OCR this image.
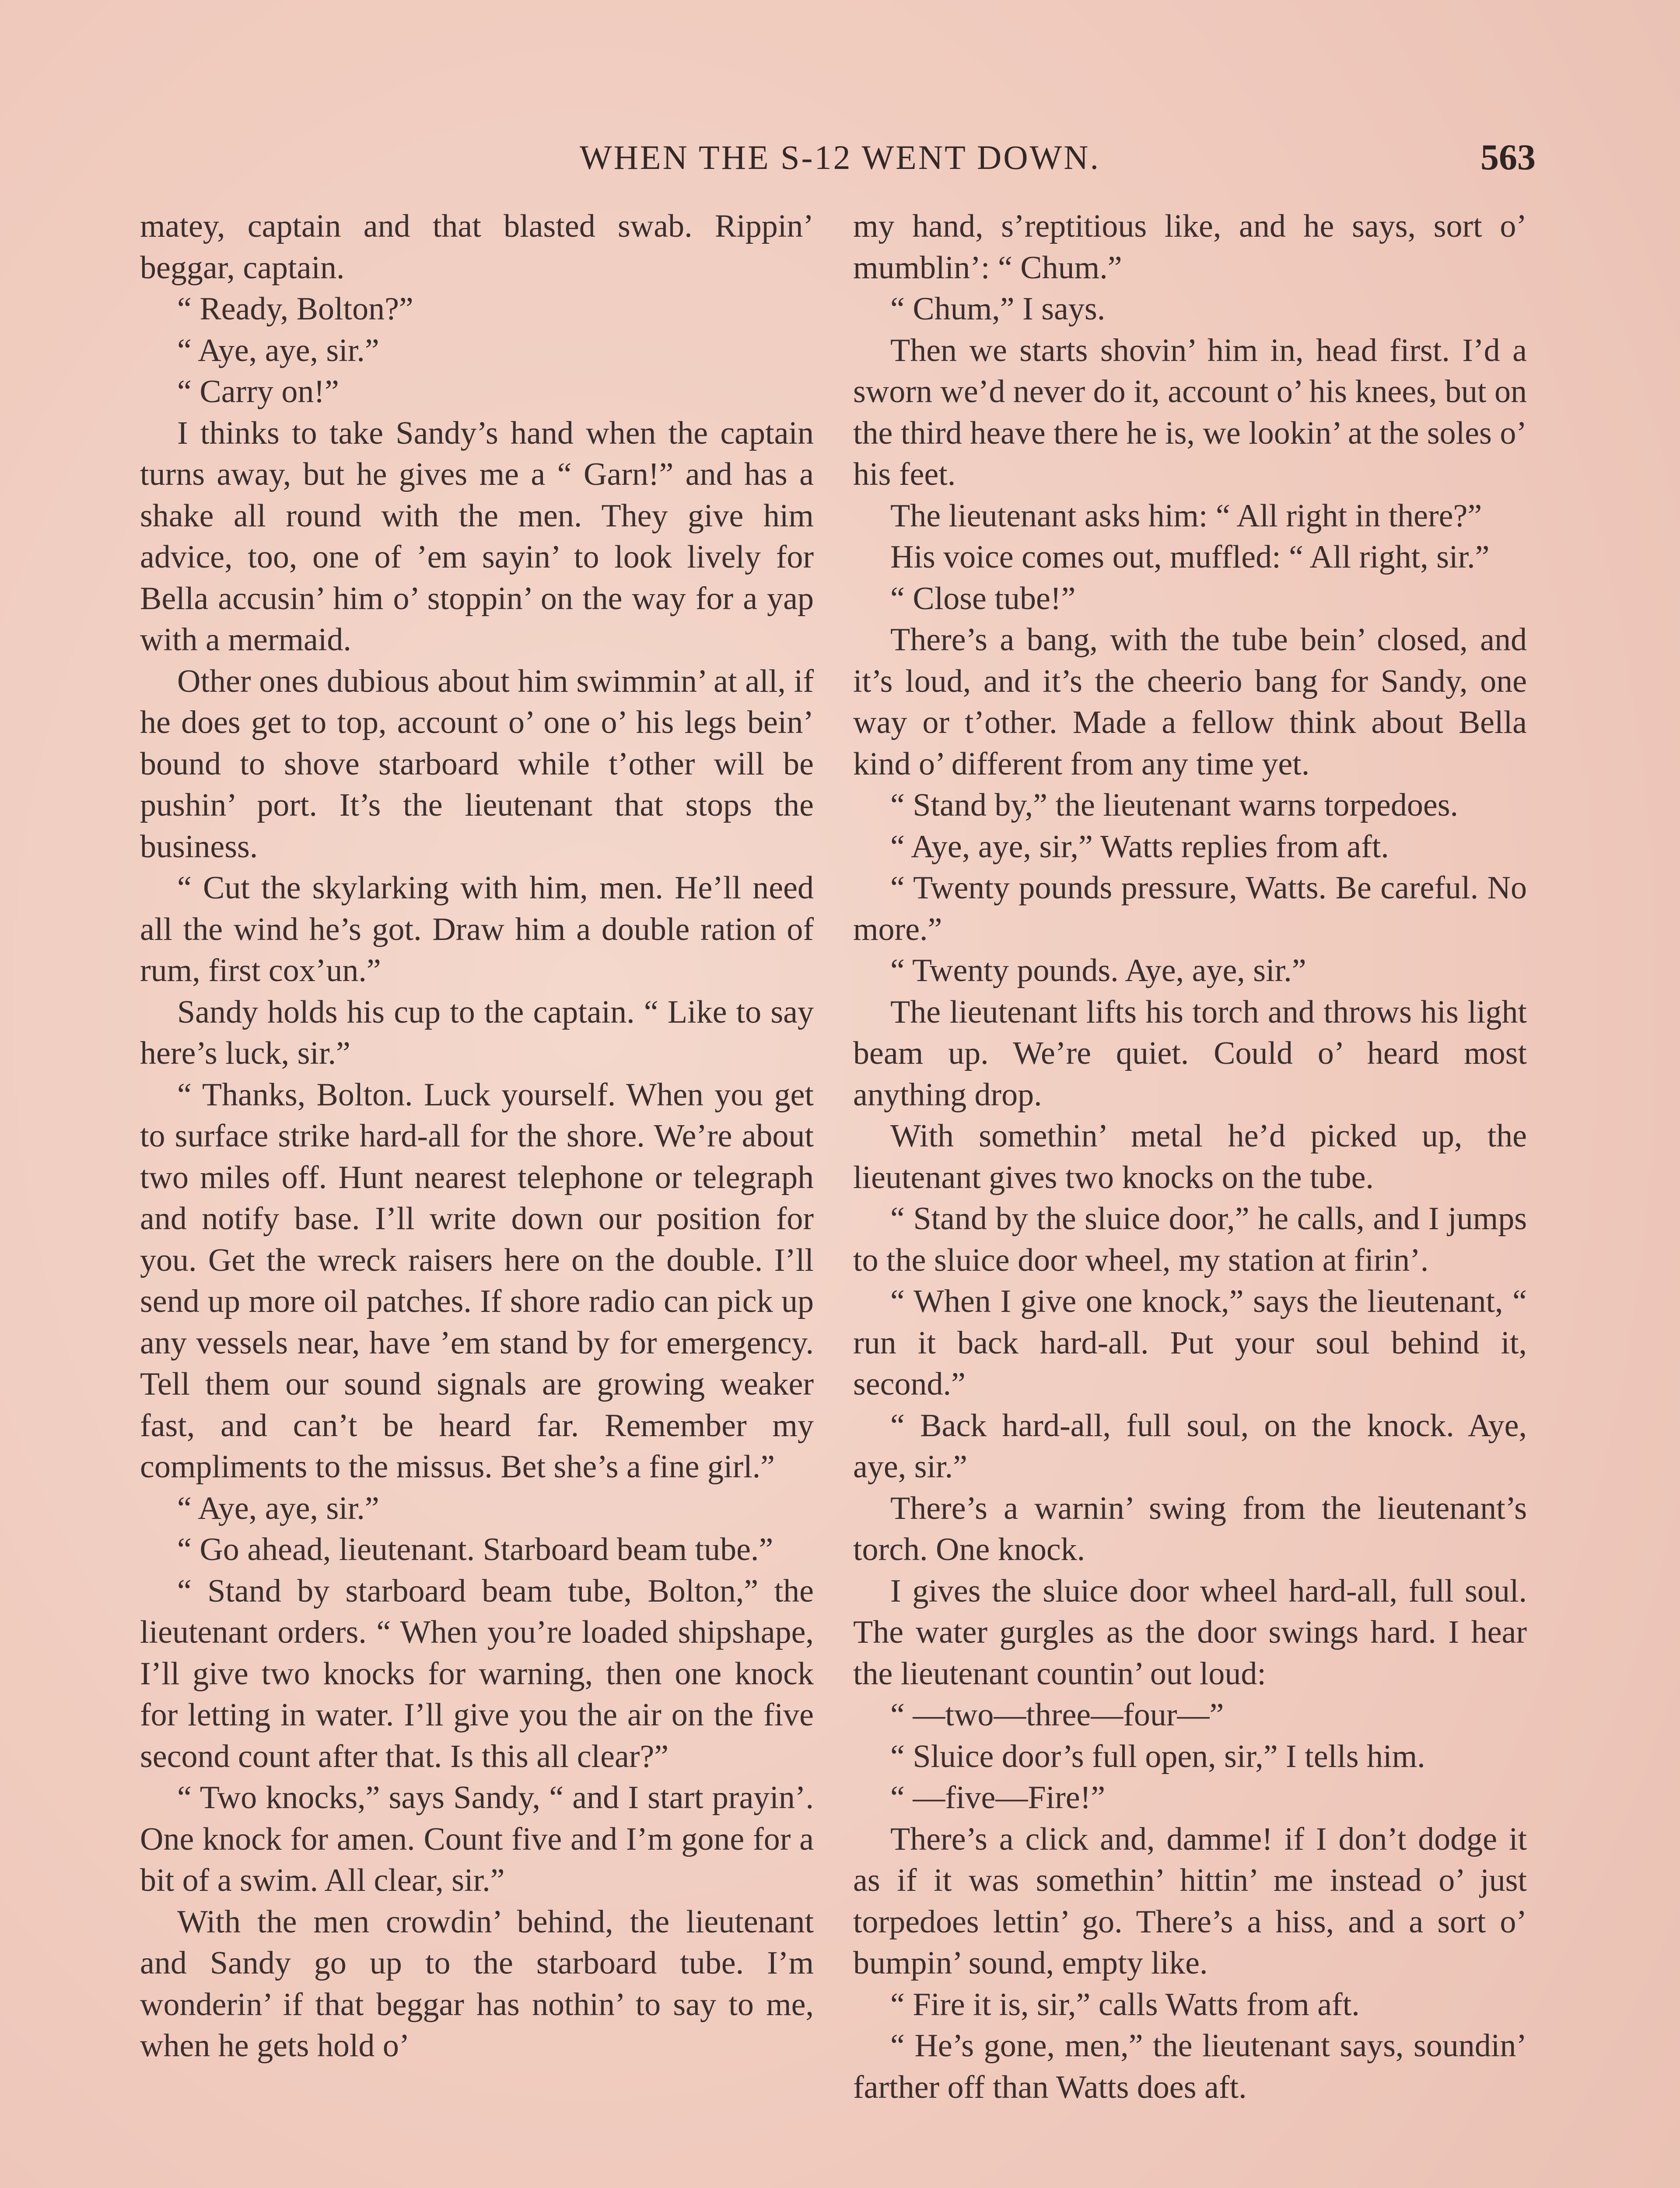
WHEN THE S-12 WENT DOWN.	563

matey, captain and that blasted swab. Rippin’ beggar, captain.

“ Ready, Bolton?”

“ Aye, aye, sir.”

“ Carry on!”

I thinks to take Sandy’s hand when the captain turns away, but he gives me a “ Garn!” and has a shake all round with the men. They give him advice, too, one of ’em sayin’ to look lively for Bella accusin’ him o’ stoppin’ on the way for a yap with a mermaid.

Other ones dubious about him swimmin’ at all, if he does get to top, account o’ one o’ his legs bein’ bound to shove starboard while t’other will be pushin’ port. It’s the lieutenant that stops the business.

“ Cut the skylarking with him, men. He’ll need all the wind he’s got. Draw him a double ration of rum, first cox’un.”

Sandy holds his cup to the captain. “ Like to say here’s luck, sir.”

“ Thanks, Bolton. Luck yourself. When you get to surface strike hard-all for the shore. We’re about two miles off. Hunt nearest telephone or telegraph and notify base. I’ll write down our position for you. Get the wreck raisers here on the double. I’ll send up more oil patches. If shore radio can pick up any vessels near, have ’em stand by for emergency. Tell them our sound signals are growing weaker fast, and can’t be heard far. Remember my compliments to the missus. Bet she’s a fine girl.”

“ Aye, aye, sir.”

“ Go ahead, lieutenant. Starboard beam tube.”

“ Stand by starboard beam tube, Bolton,” the lieutenant orders. “ When you’re loaded shipshape, I’ll give two knocks for warning, then one knock for letting in water. I’ll give you the air on the five second count after that. Is this all clear?”

“ Two knocks,” says Sandy, “ and I start prayin’. One knock for amen. Count five and I’m gone for a bit of a swim. All clear, sir.”

With the men crowdin’ behind, the lieutenant and Sandy go up to the starboard tube. I’m wonderin’ if that beggar has nothin’ to say to me, when he gets hold o’

my hand, s’reptitious like, and he says, sort o’ mumblin’: “ Chum.”

“ Chum,” I says.

Then we starts shovin’ him in, head first. I’d a sworn we’d never do it, account o’ his knees, but on the third heave there he is, we lookin’ at the soles o’ his feet.

The lieutenant asks him: “ All right in there?”

His voice comes out, muffled: “ All right, sir.”

“ Close tube!”

There’s a bang, with the tube bein’ closed, and it’s loud, and it’s the cheerio bang for Sandy, one way or t’other. Made a fellow think about Bella kind o’ different from any time yet.

“ Stand by,” the lieutenant warns torpedoes.

“ Aye, aye, sir,” Watts replies from aft.

“ Twenty pounds pressure, Watts. Be careful. No more.”

“ Twenty pounds. Aye, aye, sir.”

The lieutenant lifts his torch and throws his light beam up. We’re quiet. Could o’ heard most anything drop.

With somethin’ metal he’d picked up, the lieutenant gives two knocks on the tube.

“ Stand by the sluice door,” he calls, and I jumps to the sluice door wheel, my station at firin’.

“ When I give one knock,” says the lieutenant, “ run it back hard-all. Put your soul behind it, second.”

“ Back hard-all, full soul, on the knock. Aye, aye, sir.”

There’s a warnin’ swing from the lieutenant’s torch. One knock.

I gives the sluice door wheel hard-all, full soul. The water gurgles as the door swings hard. I hear the lieutenant countin’ out loud:

“ —two—three—four—”

“ Sluice door’s full open, sir,” I tells him.

“ —five—Fire!”

There’s a click and, damme! if I don’t dodge it as if it was somethin’ hittin’ me instead o’ just torpedoes lettin’ go. There’s a hiss, and a sort o’ bumpin’ sound, empty like.

“ Fire it is, sir,” calls Watts from aft.

“ He’s gone, men,” the lieutenant says, soundin’ farther off than Watts does aft.
